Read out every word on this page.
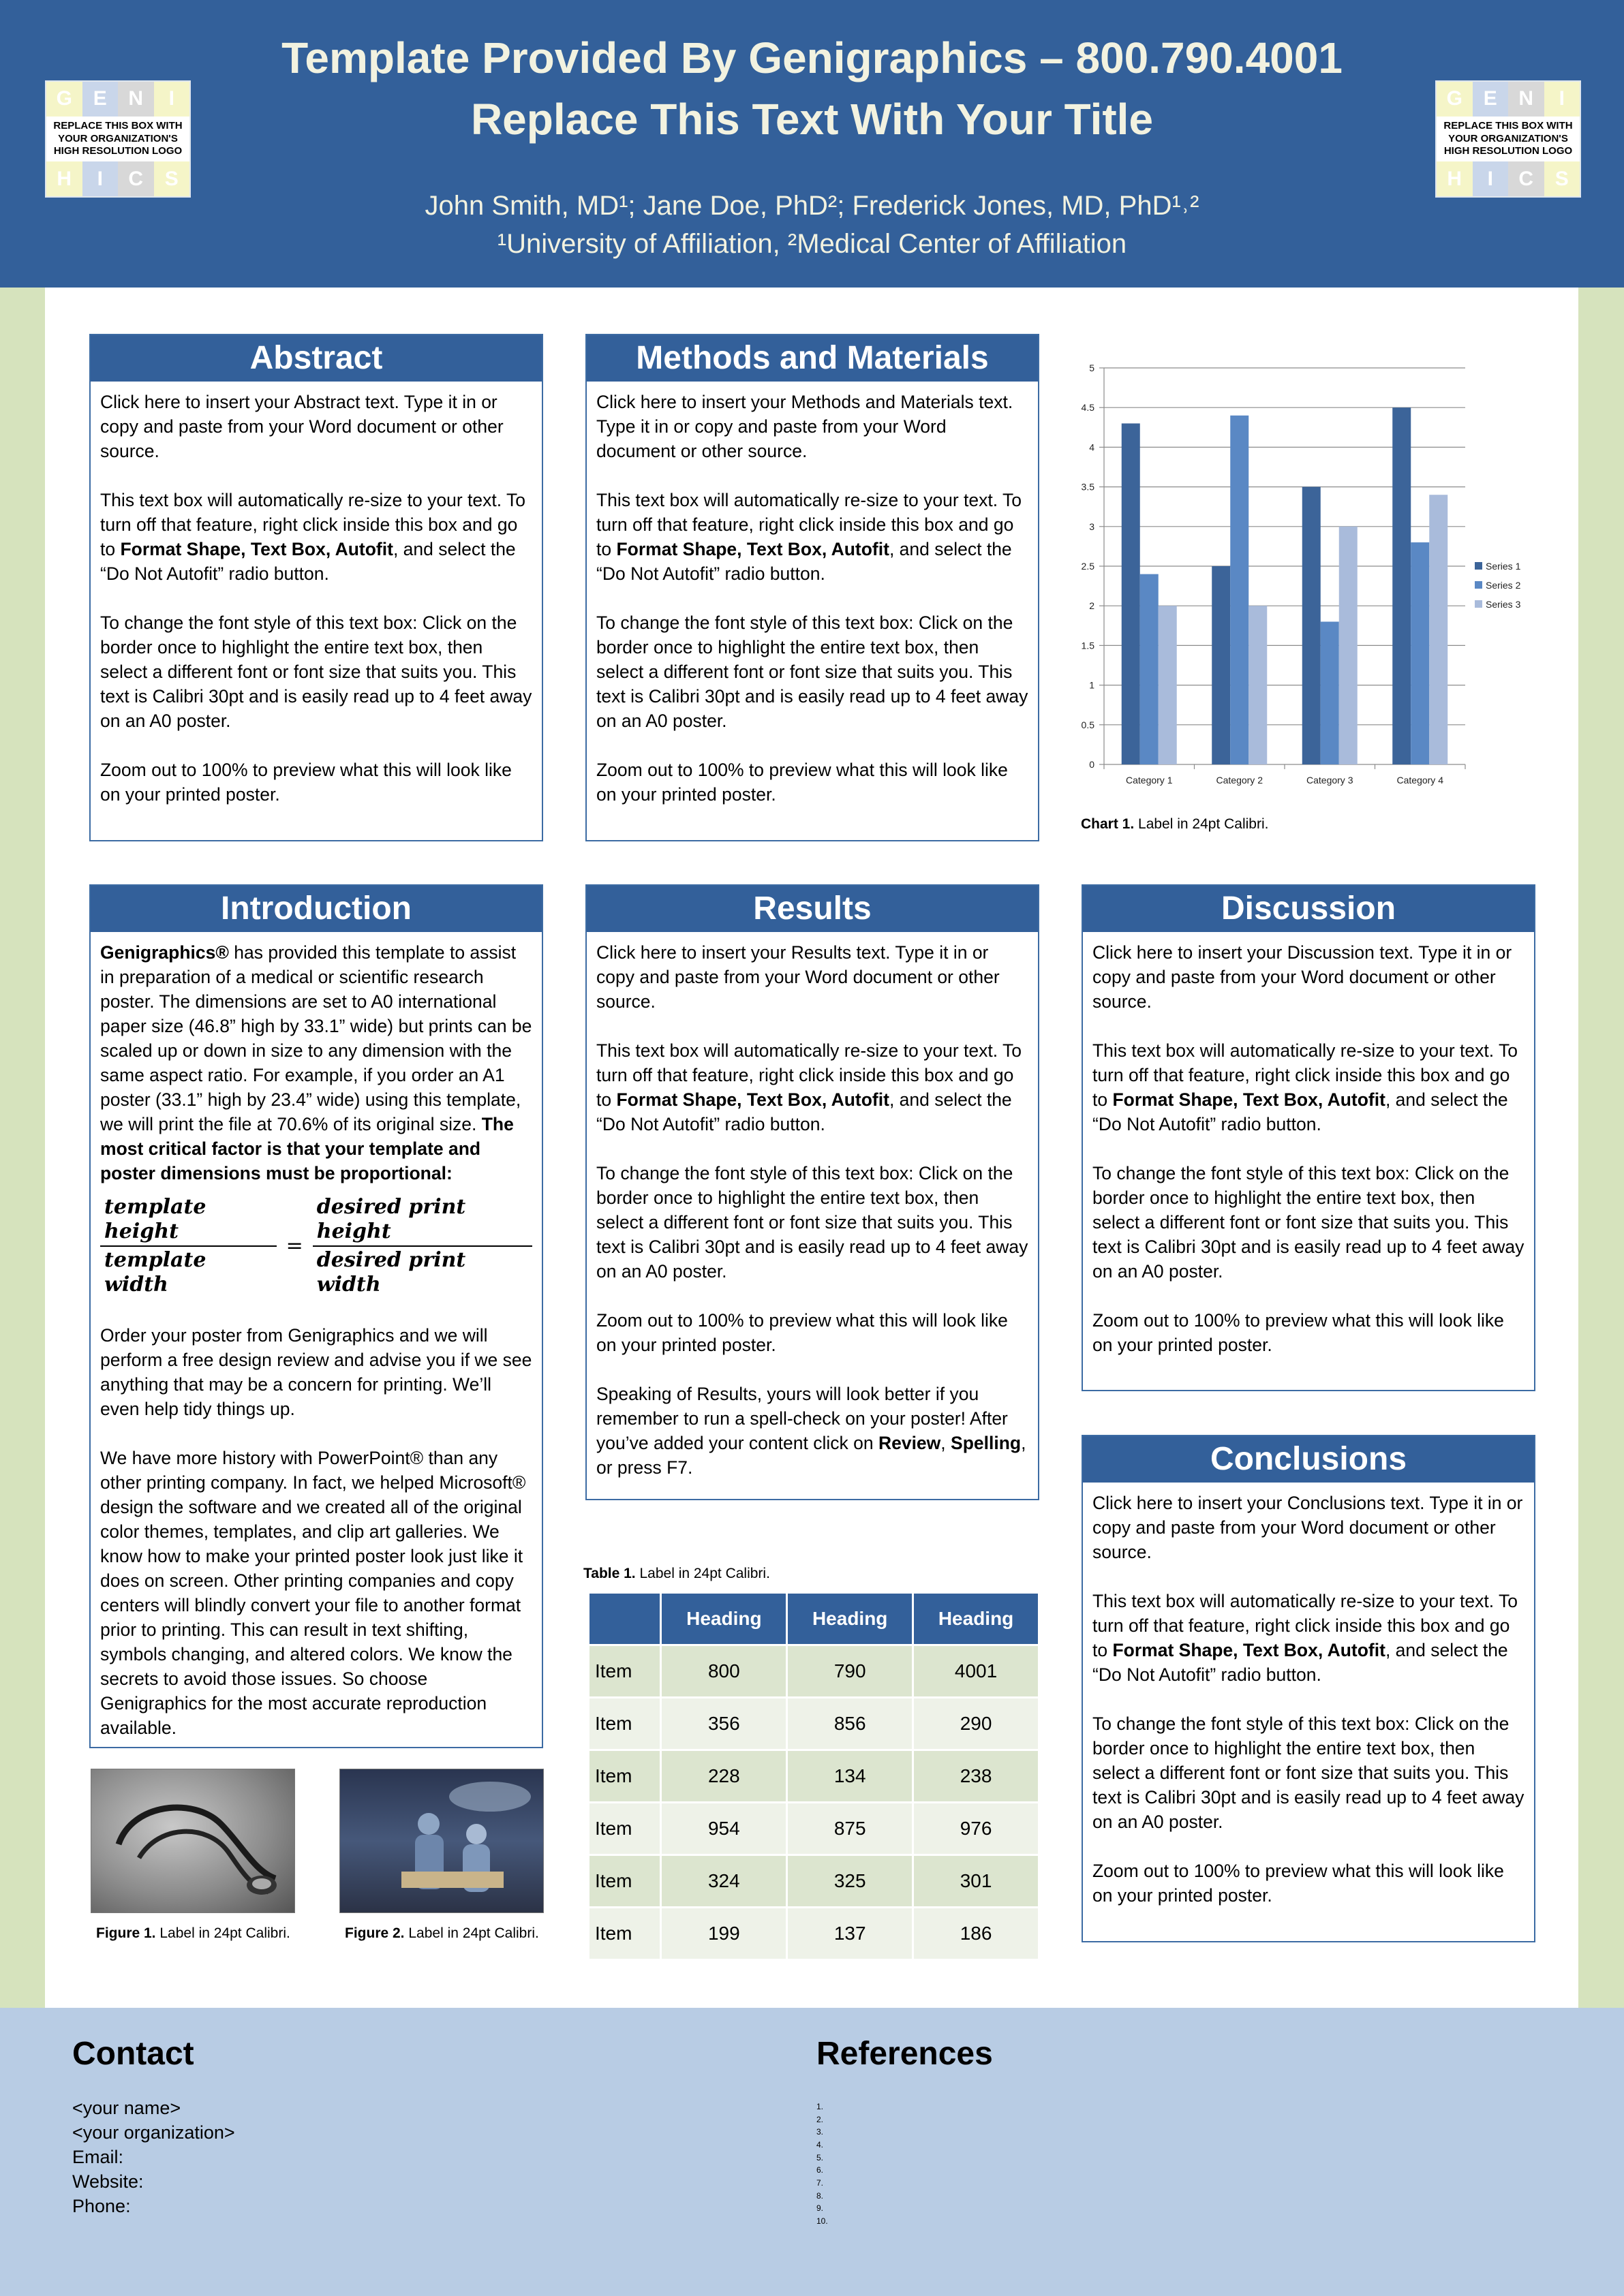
G	E	N	I
REPLACE THIS BOX WITH YOUR ORGANIZATION'S HIGH RESOLUTION LOGO
H	I	C	S
G	E	N	I
REPLACE THIS BOX WITH YOUR ORGANIZATION'S HIGH RESOLUTION LOGO
H	I	C	S
Template Provided By Genigraphics – 800.790.4001
Replace This Text With Your Title
John Smith, MD¹; Jane Doe, PhD²; Frederick Jones, MD, PhD¹˒²
¹University of Affiliation, ²Medical Center of Affiliation
Abstract

Click here to insert your Abstract text. Type it in or copy and paste from your Word document or other source.

This text box will automatically re-size to your text. To turn off that feature, right click inside this box and go to Format Shape, Text Box, Autofit, and select the “Do Not Autofit” radio button.

To change the font style of this text box: Click on the border once to highlight the entire text box, then select a different font or font size that suits you. This text is Calibri 30pt and is easily read up to 4 feet away on an A0 poster.

Zoom out to 100% to preview what this will look like on your printed poster.

Methods and Materials

Click here to insert your Methods and Materials text. Type it in or copy and paste from your Word document or other source.

This text box will automatically re-size to your text. To turn off that feature, right click inside this box and go to Format Shape, Text Box, Autofit, and select the “Do Not Autofit” radio button.

To change the font style of this text box: Click on the border once to highlight the entire text box, then select a different font or font size that suits you. This text is Calibri 30pt and is easily read up to 4 feet away on an A0 poster.

Zoom out to 100% to preview what this will look like on your printed poster.

0
0.5
1
1.5
2
2.5
3
3.5
4
4.5
5
Category 1	Category 2	Category 3	Category 4
Series 1
Series 2
Series 3
Chart 1. Label in 24pt Calibri.
Introduction

Genigraphics® has provided this template to assist in preparation of a medical or scientific research poster. The dimensions are set to A0 international paper size (46.8” high by 33.1” wide) but prints can be scaled up or down in size to any dimension with the same aspect ratio. For example, if you order an A1 poster (33.1” high by 23.4” wide) using this template, we will print the file at 70.6% of its original size. The most critical factor is that your template and poster dimensions must be proportional:

$\frac{\text{template height}}{\text{template width}} = \frac{\text{desired print height}}{\text{desired print width}}$

Order your poster from Genigraphics and we will perform a free design review and advise you if we see anything that may be a concern for printing. We’ll even help tidy things up.

We have more history with PowerPoint® than any other printing company. In fact, we helped Microsoft® design the software and we created all of the original color themes, templates, and clip art galleries. We know how to make your printed poster look just like it does on screen. Other printing companies and copy centers will blindly convert your file to another format prior to printing. This can result in text shifting, symbols changing, and altered colors. We know the secrets to avoid those issues. So choose Genigraphics for the most accurate reproduction available.

Figure 1. Label in 24pt Calibri.	Figure 2. Label in 24pt Calibri.
Results

Click here to insert your Results text. Type it in or copy and paste from your Word document or other source.

This text box will automatically re-size to your text. To turn off that feature, right click inside this box and go to Format Shape, Text Box, Autofit, and select the “Do Not Autofit” radio button.

To change the font style of this text box: Click on the border once to highlight the entire text box, then select a different font or font size that suits you. This text is Calibri 30pt and is easily read up to 4 feet away on an A0 poster.

Zoom out to 100% to preview what this will look like on your printed poster.

Speaking of Results, yours will look better if you remember to run a spell-check on your poster! After you’ve added your content click on Review, Spelling, or press F7.

Table 1. Label in 24pt Calibri.
	Heading	Heading	Heading
Item	800	790	4001
Item	356	856	290
Item	228	134	238
Item	954	875	976
Item	324	325	301
Item	199	137	186
Discussion

Click here to insert your Discussion text. Type it in or copy and paste from your Word document or other source.

This text box will automatically re-size to your text. To turn off that feature, right click inside this box and go to Format Shape, Text Box, Autofit, and select the “Do Not Autofit” radio button.

To change the font style of this text box: Click on the border once to highlight the entire text box, then select a different font or font size that suits you. This text is Calibri 30pt and is easily read up to 4 feet away on an A0 poster.

Zoom out to 100% to preview what this will look like on your printed poster.

Conclusions

Click here to insert your Conclusions text. Type it in or copy and paste from your Word document or other source.

This text box will automatically re-size to your text. To turn off that feature, right click inside this box and go to Format Shape, Text Box, Autofit, and select the “Do Not Autofit” radio button.

To change the font style of this text box: Click on the border once to highlight the entire text box, then select a different font or font size that suits you. This text is Calibri 30pt and is easily read up to 4 feet away on an A0 poster.

Zoom out to 100% to preview what this will look like on your printed poster.

Contact
<your name>
<your organization>
Email:
Website:
Phone:
References
1.
2.
3.
4.
5.
6.
7.
8.
9.
10.
